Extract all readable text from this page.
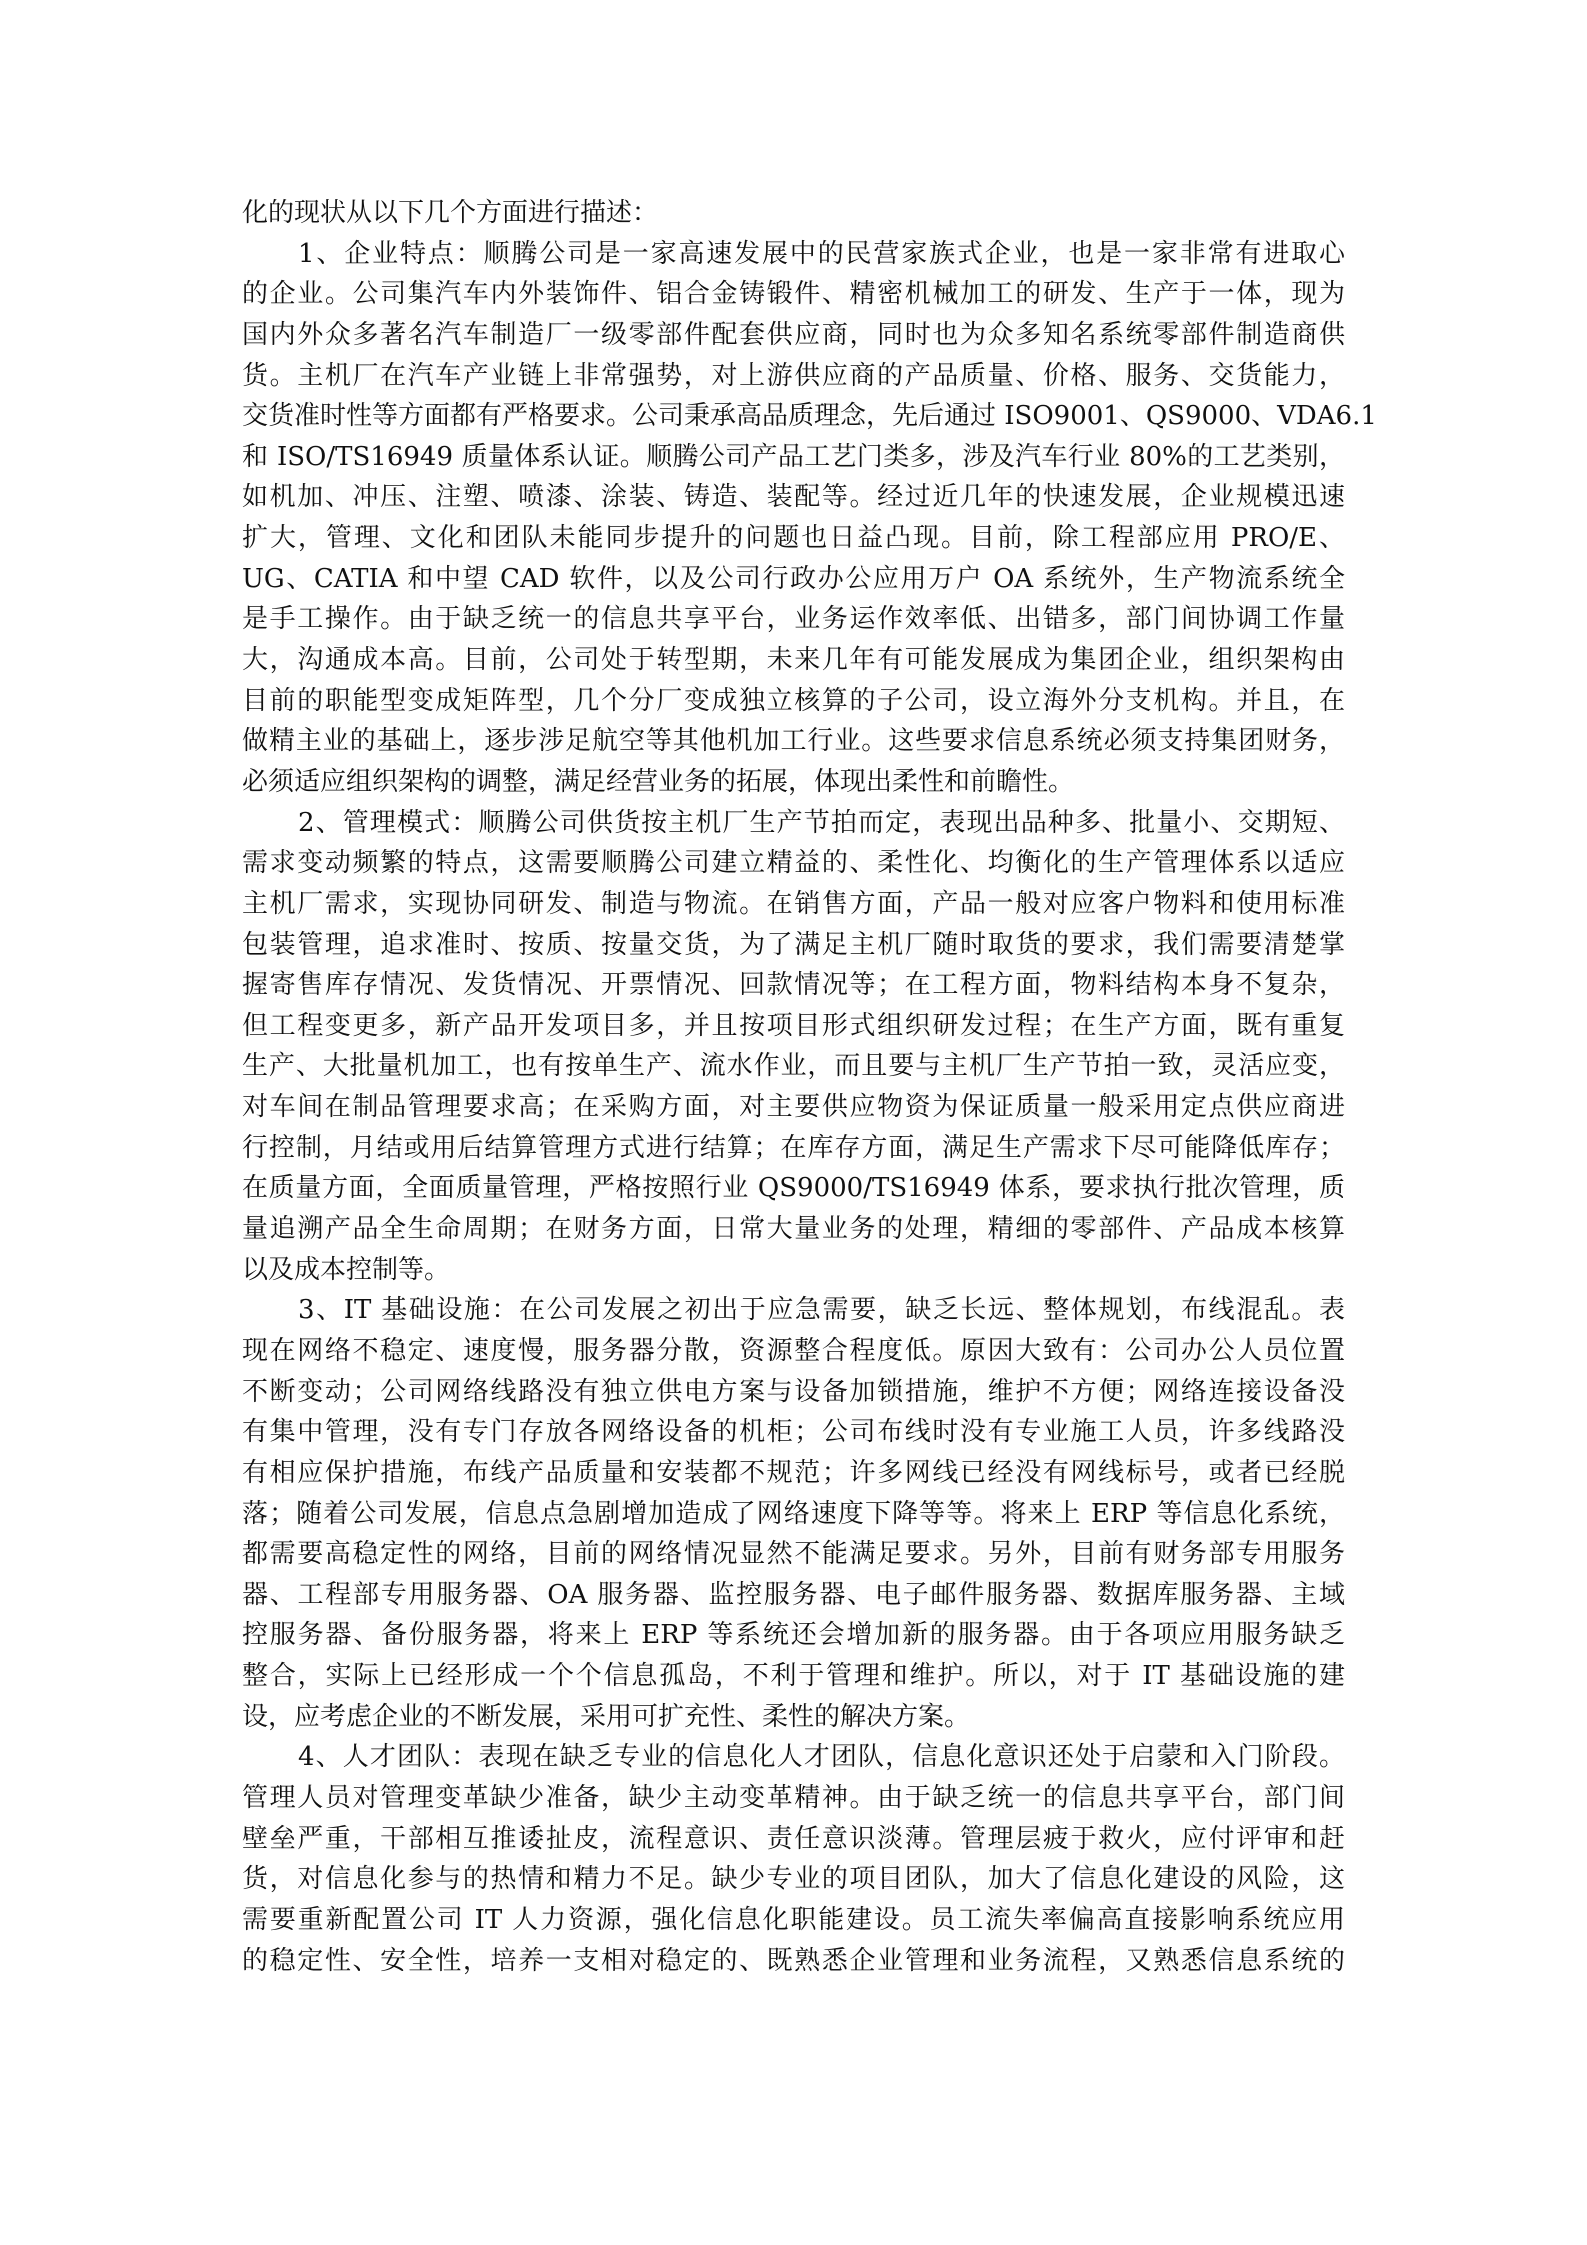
化的现状从以下几个方面进行描述：
1、企业特点：顺腾公司是一家高速发展中的民营家族式企业，也是一家非常有进取心
的企业。公司集汽车内外装饰件、铝合金铸锻件、精密机械加工的研发、生产于一体，现为
国内外众多著名汽车制造厂一级零部件配套供应商，同时也为众多知名系统零部件制造商供
货。主机厂在汽车产业链上非常强势，对上游供应商的产品质量、价格、服务、交货能力，
交货准时性等方面都有严格要求。公司秉承高品质理念，先后通过 ISO9001、QS9000、VDA6.1
和 ISO/TS16949 质量体系认证。顺腾公司产品工艺门类多，涉及汽车行业 80%的工艺类别，
如机加、冲压、注塑、喷漆、涂装、铸造、装配等。经过近几年的快速发展，企业规模迅速
扩大，管理、文化和团队未能同步提升的问题也日益凸现。目前，除工程部应用 PRO/E、
UG、CATIA 和中望 CAD 软件，以及公司行政办公应用万户 OA 系统外，生产物流系统全
是手工操作。由于缺乏统一的信息共享平台，业务运作效率低、出错多，部门间协调工作量
大，沟通成本高。目前，公司处于转型期，未来几年有可能发展成为集团企业，组织架构由
目前的职能型变成矩阵型，几个分厂变成独立核算的子公司，设立海外分支机构。并且，在
做精主业的基础上，逐步涉足航空等其他机加工行业。这些要求信息系统必须支持集团财务，
必须适应组织架构的调整，满足经营业务的拓展，体现出柔性和前瞻性。
2、管理模式：顺腾公司供货按主机厂生产节拍而定，表现出品种多、批量小、交期短、
需求变动频繁的特点，这需要顺腾公司建立精益的、柔性化、均衡化的生产管理体系以适应
主机厂需求，实现协同研发、制造与物流。在销售方面，产品一般对应客户物料和使用标准
包装管理，追求准时、按质、按量交货，为了满足主机厂随时取货的要求，我们需要清楚掌
握寄售库存情况、发货情况、开票情况、回款情况等；在工程方面，物料结构本身不复杂，
但工程变更多，新产品开发项目多，并且按项目形式组织研发过程；在生产方面，既有重复
生产、大批量机加工，也有按单生产、流水作业，而且要与主机厂生产节拍一致，灵活应变，
对车间在制品管理要求高；在采购方面，对主要供应物资为保证质量一般采用定点供应商进
行控制，月结或用后结算管理方式进行结算；在库存方面，满足生产需求下尽可能降低库存；
在质量方面，全面质量管理，严格按照行业 QS9000/TS16949 体系，要求执行批次管理，质
量追溯产品全生命周期；在财务方面，日常大量业务的处理，精细的零部件、产品成本核算
以及成本控制等。
3、IT 基础设施：在公司发展之初出于应急需要，缺乏长远、整体规划，布线混乱。表
现在网络不稳定、速度慢，服务器分散，资源整合程度低。原因大致有：公司办公人员位置
不断变动；公司网络线路没有独立供电方案与设备加锁措施，维护不方便；网络连接设备没
有集中管理，没有专门存放各网络设备的机柜；公司布线时没有专业施工人员，许多线路没
有相应保护措施，布线产品质量和安装都不规范；许多网线已经没有网线标号，或者已经脱
落；随着公司发展，信息点急剧增加造成了网络速度下降等等。将来上 ERP 等信息化系统，
都需要高稳定性的网络，目前的网络情况显然不能满足要求。另外，目前有财务部专用服务
器、工程部专用服务器、OA 服务器、监控服务器、电子邮件服务器、数据库服务器、主域
控服务器、备份服务器，将来上 ERP 等系统还会增加新的服务器。由于各项应用服务缺乏
整合，实际上已经形成一个个信息孤岛，不利于管理和维护。所以，对于 IT 基础设施的建
设，应考虑企业的不断发展，采用可扩充性、柔性的解决方案。
4、人才团队：表现在缺乏专业的信息化人才团队，信息化意识还处于启蒙和入门阶段。
管理人员对管理变革缺少准备，缺少主动变革精神。由于缺乏统一的信息共享平台，部门间
壁垒严重，干部相互推诿扯皮，流程意识、责任意识淡薄。管理层疲于救火，应付评审和赶
货，对信息化参与的热情和精力不足。缺少专业的项目团队，加大了信息化建设的风险，这
需要重新配置公司 IT 人力资源，强化信息化职能建设。员工流失率偏高直接影响系统应用
的稳定性、安全性，培养一支相对稳定的、既熟悉企业管理和业务流程，又熟悉信息系统的
